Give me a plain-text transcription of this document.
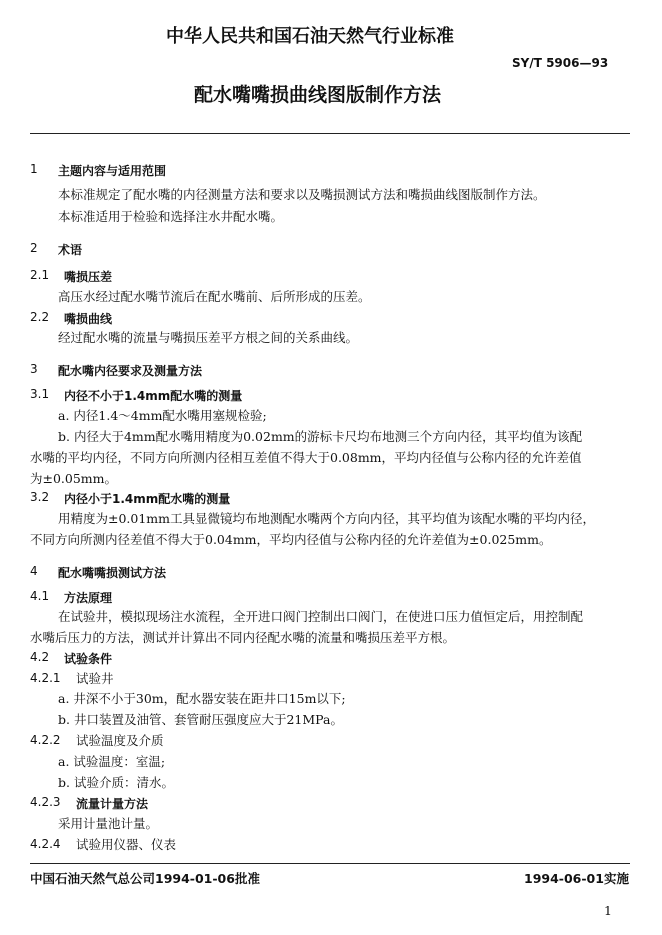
中华人民共和国石油天然气行业标准
SY/T 5906—93
配水嘴嘴损曲线图版制作方法
1 主题内容与适用范围
本标准规定了配水嘴的内径测量方法和要求以及嘴损测试方法和嘴损曲线图版制作方法。
本标准适用于检验和选择注水井配水嘴。
2 术语
2.1 嘴损压差
高压水经过配水嘴节流后在配水嘴前、后所形成的压差。
2.2 嘴损曲线
经过配水嘴的流量与嘴损压差平方根之间的关系曲线。
3 配水嘴内径要求及测量方法
3.1 内径不小于1.4mm配水嘴的测量
a. 内径1.4～4mm配水嘴用塞规检验;
b. 内径大于4mm配水嘴用精度为0.02mm的游标卡尺均布地测三个方向内径，其平均值为该配
水嘴的平均内径，不同方向所测内径相互差值不得大于0.08mm，平均内径值与公称内径的允许差值
为±0.05mm。
3.2 内径小于1.4mm配水嘴的测量
用精度为±0.01mm工具显微镜均布地测配水嘴两个方向内径，其平均值为该配水嘴的平均内径，
不同方向所测内径差值不得大于0.04mm，平均内径值与公称内径的允许差值为±0.025mm。
4 配水嘴嘴损测试方法
4.1 方法原理
在试验井，模拟现场注水流程，全开进口阀门控制出口阀门，在使进口压力值恒定后，用控制配
水嘴后压力的方法，测试并计算出不同内径配水嘴的流量和嘴损压差平方根。
4.2 试验条件
4.2.1 试验井
a. 井深不小于30m，配水器安装在距井口15m以下;
b. 井口装置及油管、套管耐压强度应大于21MPa。
4.2.2 试验温度及介质
a. 试验温度：室温;
b. 试验介质：清水。
4.2.3 流量计量方法
采用计量池计量。
4.2.4 试验用仪器、仪表
中国石油天然气总公司1994-01-06批准	1994-06-01实施
1
